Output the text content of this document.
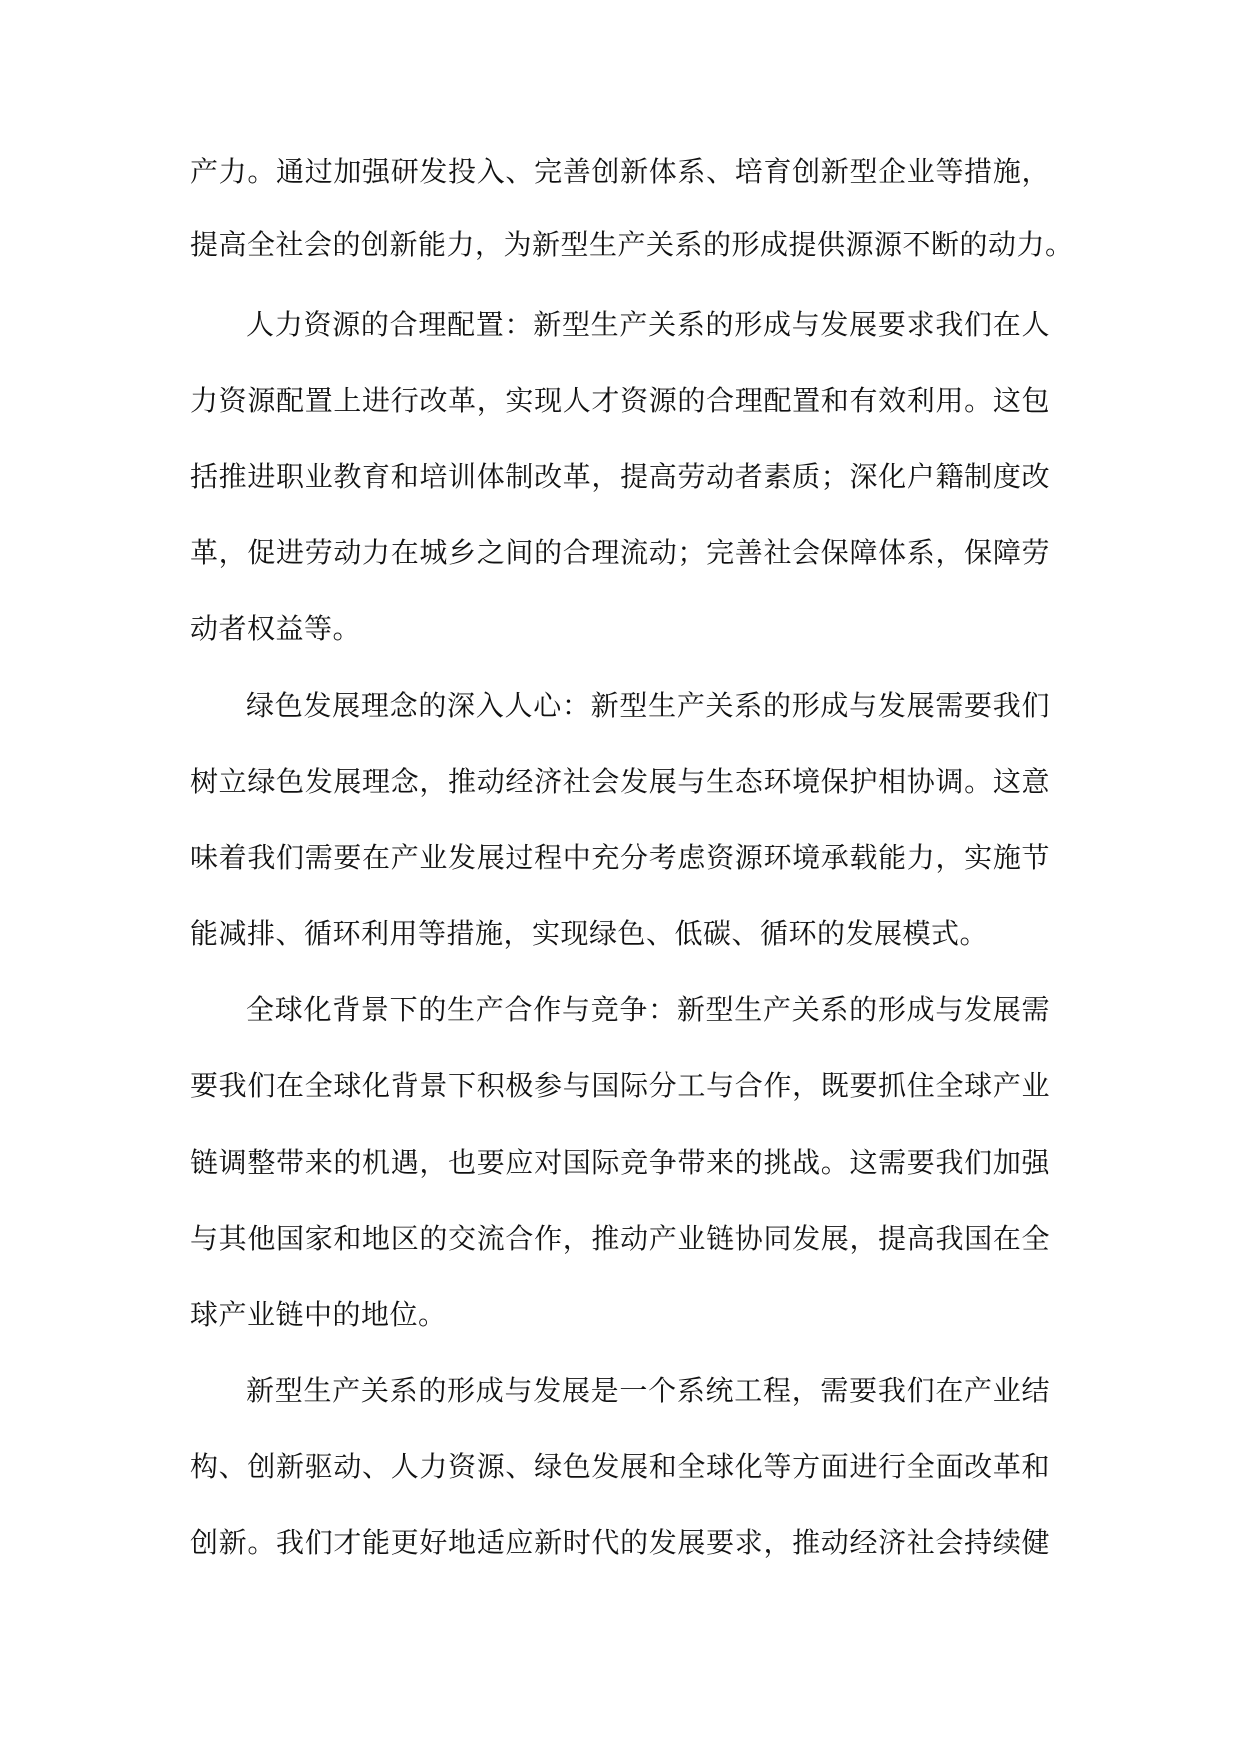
产力。通过加强研发投入、完善创新体系、培育创新型企业等措施，
提高全社会的创新能力，为新型生产关系的形成提供源源不断的动力。
人力资源的合理配置：新型生产关系的形成与发展要求我们在人
力资源配置上进行改革，实现人才资源的合理配置和有效利用。这包
括推进职业教育和培训体制改革，提高劳动者素质；深化户籍制度改
革，促进劳动力在城乡之间的合理流动；完善社会保障体系，保障劳
动者权益等。
绿色发展理念的深入人心：新型生产关系的形成与发展需要我们
树立绿色发展理念，推动经济社会发展与生态环境保护相协调。这意
味着我们需要在产业发展过程中充分考虑资源环境承载能力，实施节
能减排、循环利用等措施，实现绿色、低碳、循环的发展模式。
全球化背景下的生产合作与竞争：新型生产关系的形成与发展需
要我们在全球化背景下积极参与国际分工与合作，既要抓住全球产业
链调整带来的机遇，也要应对国际竞争带来的挑战。这需要我们加强
与其他国家和地区的交流合作，推动产业链协同发展，提高我国在全
球产业链中的地位。
新型生产关系的形成与发展是一个系统工程，需要我们在产业结
构、创新驱动、人力资源、绿色发展和全球化等方面进行全面改革和
创新。我们才能更好地适应新时代的发展要求，推动经济社会持续健
